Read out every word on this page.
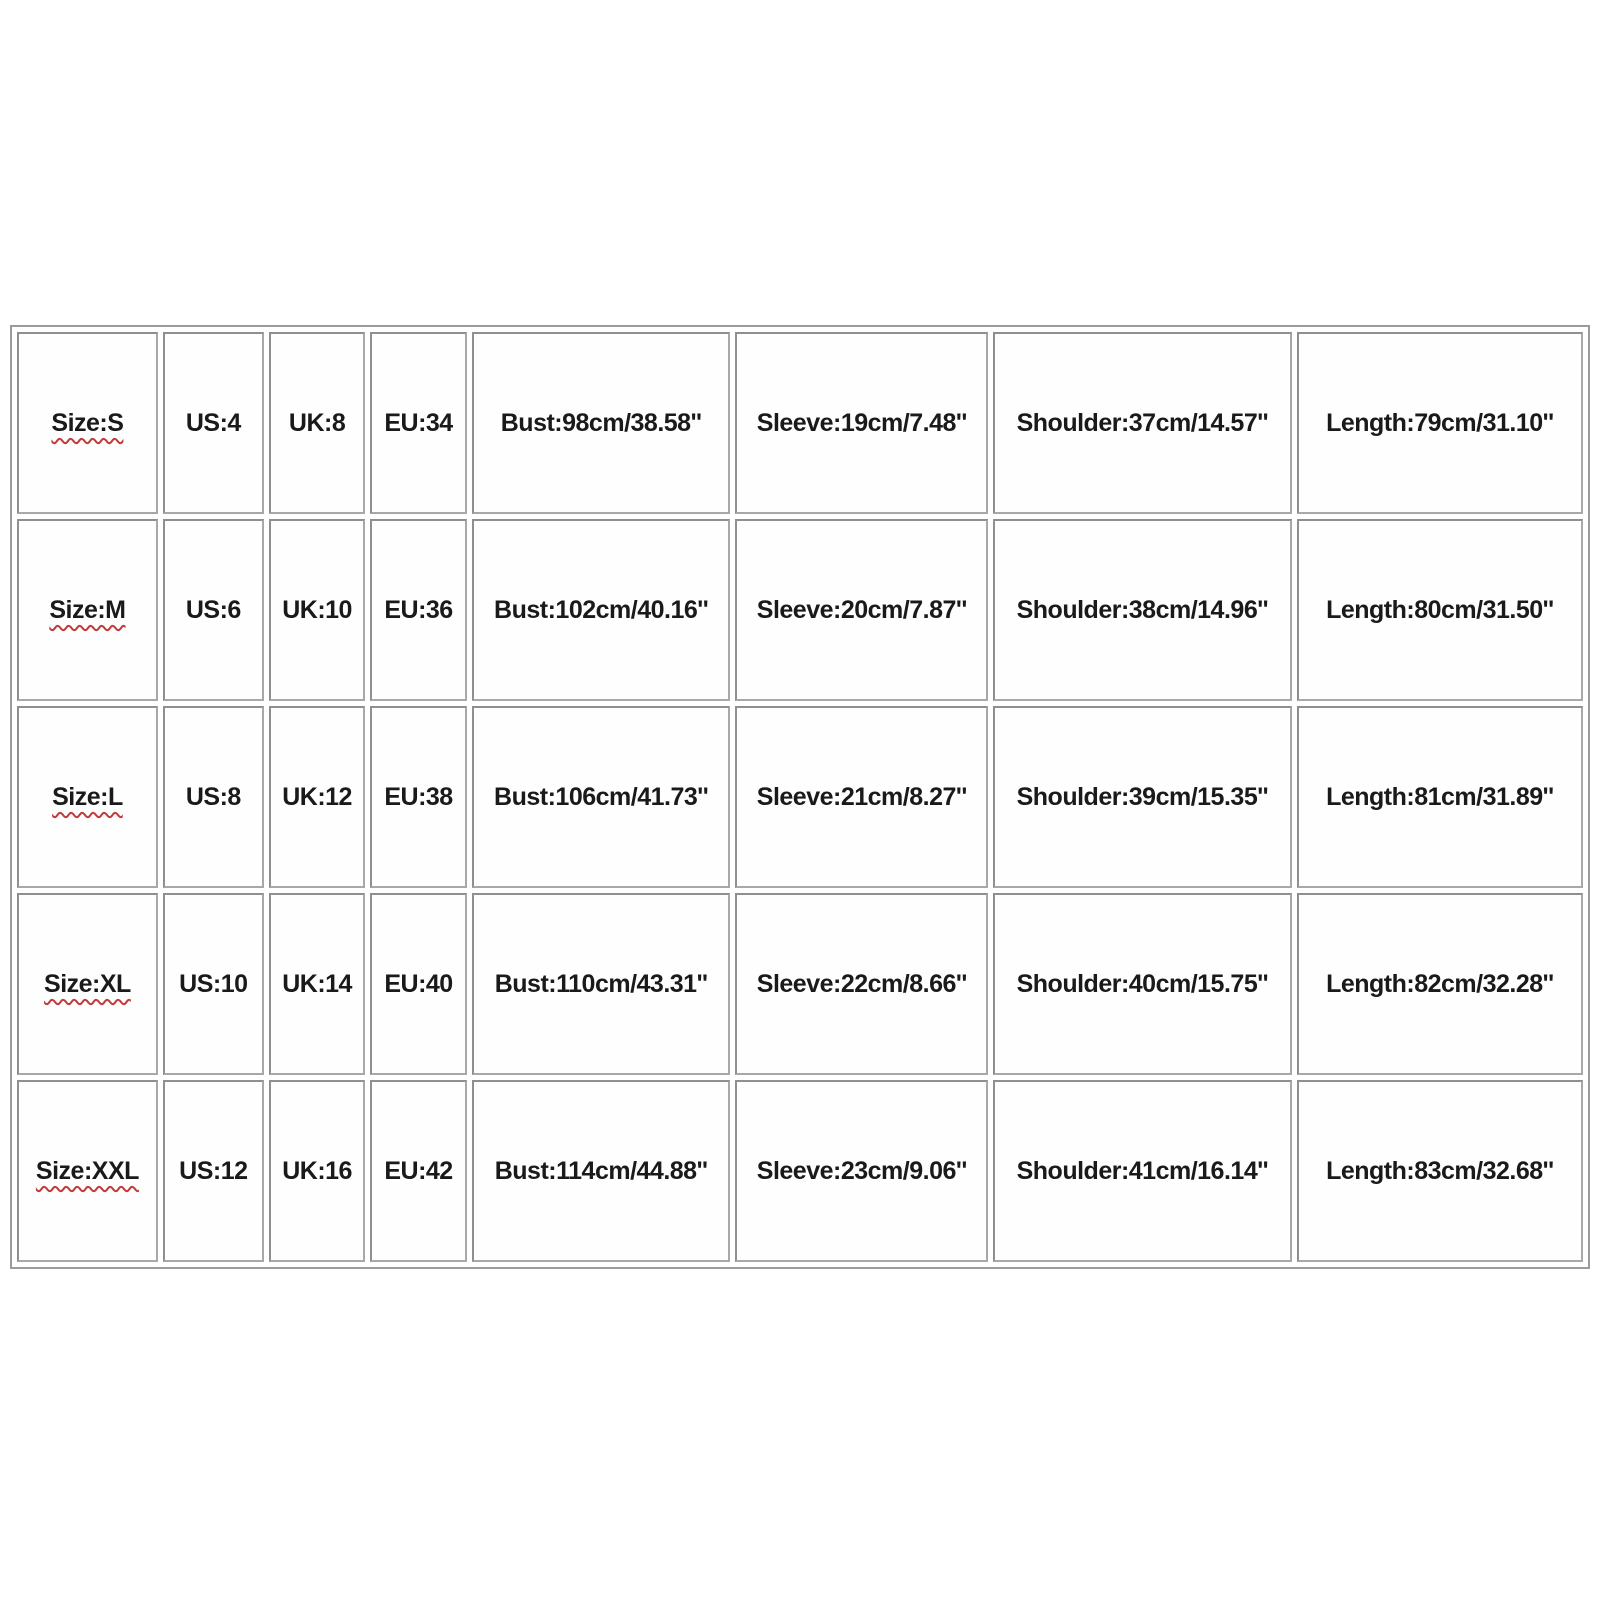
Size:S	US:4	UK:8	EU:34	Bust:98cm/38.58''	Sleeve:19cm/7.48''	Shoulder:37cm/14.57''	Length:79cm/31.10''
Size:M	US:6	UK:10	EU:36	Bust:102cm/40.16''	Sleeve:20cm/7.87''	Shoulder:38cm/14.96''	Length:80cm/31.50''
Size:L	US:8	UK:12	EU:38	Bust:106cm/41.73''	Sleeve:21cm/8.27''	Shoulder:39cm/15.35''	Length:81cm/31.89''
Size:XL	US:10	UK:14	EU:40	Bust:110cm/43.31''	Sleeve:22cm/8.66''	Shoulder:40cm/15.75''	Length:82cm/32.28''
Size:XXL	US:12	UK:16	EU:42	Bust:114cm/44.88''	Sleeve:23cm/9.06''	Shoulder:41cm/16.14''	Length:83cm/32.68''
